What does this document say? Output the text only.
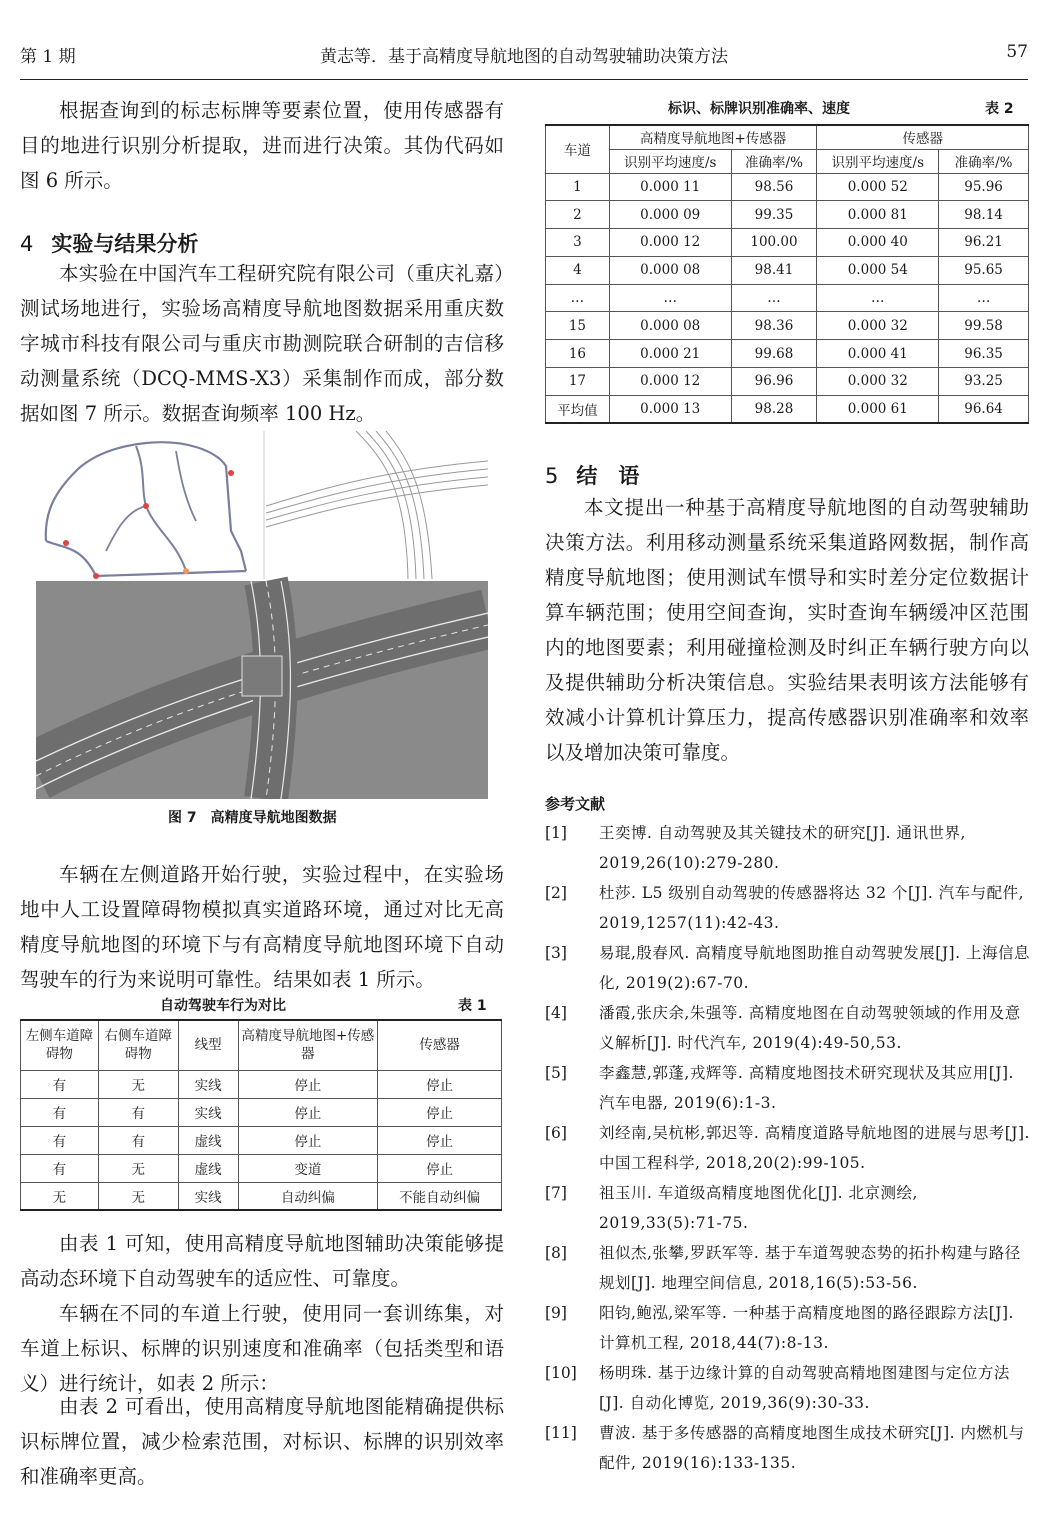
第 1 期	黄志等．基于高精度导航地图的自动驾驶辅助决策方法	57

根据查询到的标志标牌等要素位置，使用传感器有目的地进行识别分析提取，进而进行决策。其伪代码如图 6 所示。

4 实验与结果分析

本实验在中国汽车工程研究院有限公司（重庆礼嘉）测试场地进行，实验场高精度导航地图数据采用重庆数字城市科技有限公司与重庆市勘测院联合研制的吉信移动测量系统（DCQ-MMS-X3）采集制作而成，部分数据如图 7 所示。数据查询频率 100 Hz。

图 7　高精度导航地图数据

车辆在左侧道路开始行驶，实验过程中，在实验场地中人工设置障碍物模拟真实道路环境，通过对比无高精度导航地图的环境下与有高精度导航地图环境下自动驾驶车的行为来说明可靠性。结果如表 1 所示。

自动驾驶车行为对比	表 1
左侧车道障碍物	右侧车道障碍物	线型	高精度导航地图+传感器	传感器
有	无	实线	停止	停止
有	有	实线	停止	停止
有	有	虚线	停止	停止
有	无	虚线	变道	停止
无	无	实线	自动纠偏	不能自动纠偏

由表 1 可知，使用高精度导航地图辅助决策能够提高动态环境下自动驾驶车的适应性、可靠度。

车辆在不同的车道上行驶，使用同一套训练集，对车道上标识、标牌的识别速度和准确率（包括类型和语义）进行统计，如表 2 所示：

由表 2 可看出，使用高精度导航地图能精确提供标识标牌位置，减少检索范围，对标识、标牌的识别效率和准确率更高。

标识、标牌识别准确率、速度	表 2
车道	高精度导航地图+传感器		传感器	
	识别平均速度/s	准确率/%	识别平均速度/s	准确率/%
1	0.000 11	98.56	0.000 52	95.96
2	0.000 09	99.35	0.000 81	98.14
3	0.000 12	100.00	0.000 40	96.21
4	0.000 08	98.41	0.000 54	95.65
…	…	…	…	…
15	0.000 08	98.36	0.000 32	99.58
16	0.000 21	99.68	0.000 41	96.35
17	0.000 12	96.96	0.000 32	93.25
平均值	0.000 13	98.28	0.000 61	96.64
5 结　语

本文提出一种基于高精度导航地图的自动驾驶辅助决策方法。利用移动测量系统采集道路网数据，制作高精度导航地图；使用测试车惯导和实时差分定位数据计算车辆范围；使用空间查询，实时查询车辆缓冲区范围内的地图要素；利用碰撞检测及时纠正车辆行驶方向以及提供辅助分析决策信息。实验结果表明该方法能够有效减小计算机计算压力，提高传感器识别准确率和效率以及增加决策可靠度。

参考文献
[1]	王奕博. 自动驾驶及其关键技术的研究[J]. 通讯世界, 2019,26(10):279-280.
[2]	杜莎. L5 级别自动驾驶的传感器将达 32 个[J]. 汽车与配件, 2019,1257(11):42-43.
[3]	易琨,殷春风. 高精度导航地图助推自动驾驶发展[J]. 上海信息化, 2019(2):67-70.
[4]	潘霞,张庆余,朱强等. 高精度地图在自动驾驶领域的作用及意义解析[J]. 时代汽车, 2019(4):49-50,53.
[5]	李鑫慧,郭蓬,戎辉等. 高精度地图技术研究现状及其应用[J]. 汽车电器, 2019(6):1-3.
[6]	刘经南,吴杭彬,郭迟等. 高精度道路导航地图的进展与思考[J]. 中国工程科学, 2018,20(2):99-105.
[7]	祖玉川. 车道级高精度地图优化[J]. 北京测绘, 2019,33(5):71-75.
[8]	祖似杰,张攀,罗跃军等. 基于车道驾驶态势的拓扑构建与路径规划[J]. 地理空间信息, 2018,16(5):53-56.
[9]	阳钧,鲍泓,梁军等. 一种基于高精度地图的路径跟踪方法[J]. 计算机工程, 2018,44(7):8-13.
[10]	杨明珠. 基于边缘计算的自动驾驶高精地图建图与定位方法[J]. 自动化博览, 2019,36(9):30-33.
[11]	曹波. 基于多传感器的高精度地图生成技术研究[J]. 内燃机与配件, 2019(16):133-135.
